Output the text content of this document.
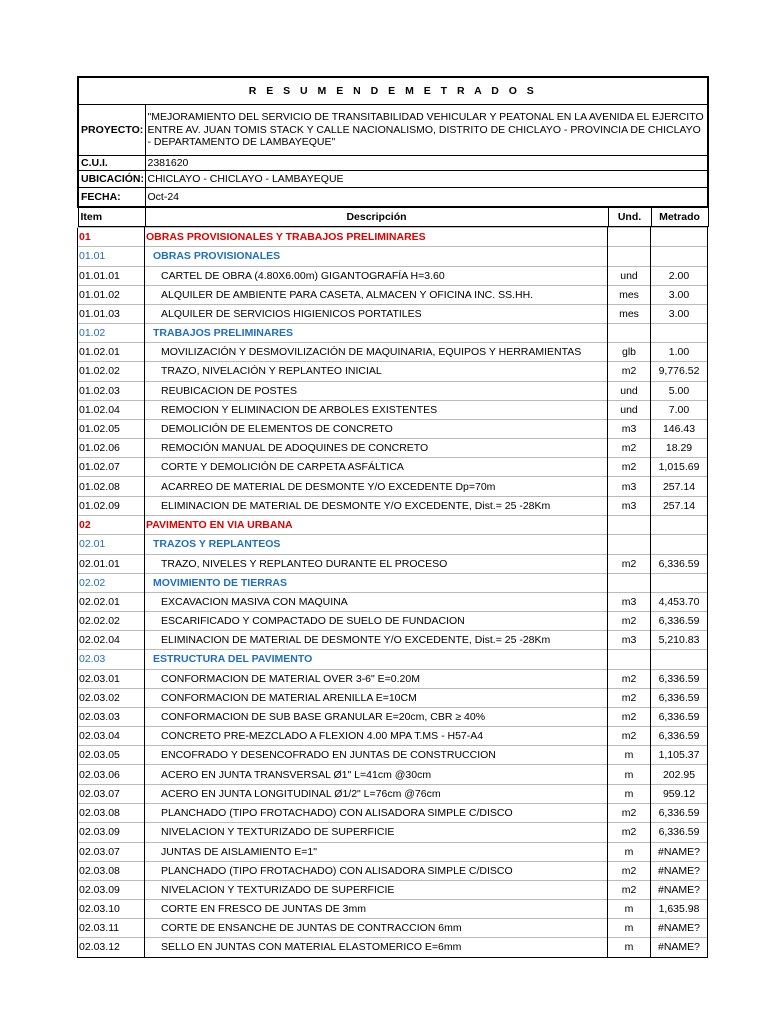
R E S U M E N D E M E T R A D O S			
PROYECTO:	"MEJORAMIENTO DEL SERVICIO DE TRANSITABILIDAD VEHICULAR Y PEATONAL EN LA AVENIDA EL EJERCITO ENTRE AV. JUAN TOMIS STACK Y CALLE NACIONALISMO, DISTRITO DE CHICLAYO - PROVINCIA DE CHICLAYO - DEPARTAMENTO DE LAMBAYEQUE"		
C.U.I.	2381620		
UBICACIÓN:	CHICLAYO - CHICLAYO - LAMBAYEQUE		
FECHA:	Oct-24		
Item	Descripción	Und.	Metrado
01	OBRAS PROVISIONALES Y TRABAJOS PRELIMINARES		
01.01	OBRAS PROVISIONALES		
01.01.01	CARTEL DE OBRA (4.80X6.00m) GIGANTOGRAFÍA H=3.60	und	2.00
01.01.02	ALQUILER DE AMBIENTE PARA CASETA, ALMACEN Y OFICINA INC. SS.HH.	mes	3.00
01.01.03	ALQUILER DE SERVICIOS HIGIENICOS PORTATILES	mes	3.00
01.02	TRABAJOS PRELIMINARES		
01.02.01	MOVILIZACIÓN Y DESMOVILIZACIÓN DE MAQUINARIA, EQUIPOS Y HERRAMIENTAS	glb	1.00
01.02.02	TRAZO, NIVELACIÓN Y REPLANTEO INICIAL	m2	9,776.52
01.02.03	REUBICACION DE POSTES	und	5.00
01.02.04	REMOCION Y ELIMINACION DE ARBOLES EXISTENTES	und	7.00
01.02.05	DEMOLICIÓN DE ELEMENTOS DE CONCRETO	m3	146.43
01.02.06	REMOCIÓN MANUAL DE ADOQUINES DE CONCRETO	m2	18.29
01.02.07	CORTE Y DEMOLICIÓN DE CARPETA ASFÁLTICA	m2	1,015.69
01.02.08	ACARREO DE MATERIAL DE DESMONTE Y/O EXCEDENTE Dp=70m	m3	257.14
01.02.09	ELIMINACION DE MATERIAL DE DESMONTE Y/O EXCEDENTE, Dist.= 25 -28Km	m3	257.14
02	PAVIMENTO EN VIA URBANA		
02.01	TRAZOS Y REPLANTEOS		
02.01.01	TRAZO, NIVELES Y REPLANTEO DURANTE EL PROCESO	m2	6,336.59
02.02	MOVIMIENTO DE TIERRAS		
02.02.01	EXCAVACION MASIVA CON MAQUINA	m3	4,453.70
02.02.02	ESCARIFICADO Y COMPACTADO DE SUELO DE FUNDACION	m2	6,336.59
02.02.04	ELIMINACION DE MATERIAL DE DESMONTE Y/O EXCEDENTE, Dist.= 25 -28Km	m3	5,210.83
02.03	ESTRUCTURA DEL PAVIMENTO		
02.03.01	CONFORMACION DE MATERIAL OVER 3-6" E=0.20M	m2	6,336.59
02.03.02	CONFORMACION DE MATERIAL ARENILLA E=10CM	m2	6,336.59
02.03.03	CONFORMACION DE SUB BASE GRANULAR E=20cm, CBR ≥ 40%	m2	6,336.59
02.03.04	CONCRETO PRE-MEZCLADO A FLEXION 4.00 MPA T.MS - H57-A4	m2	6,336.59
02.03.05	ENCOFRADO Y DESENCOFRADO EN JUNTAS DE CONSTRUCCION	m	1,105.37
02.03.06	ACERO EN JUNTA TRANSVERSAL Ø1" L=41cm @30cm	m	202.95
02.03.07	ACERO EN JUNTA LONGITUDINAL Ø1/2" L=76cm @76cm	m	959.12
02.03.08	PLANCHADO (TIPO FROTACHADO) CON ALISADORA SIMPLE C/DISCO	m2	6,336.59
02.03.09	NIVELACION Y TEXTURIZADO DE SUPERFICIE	m2	6,336.59
02.03.07	JUNTAS DE AISLAMIENTO E=1"	m	#NAME?
02.03.08	PLANCHADO (TIPO FROTACHADO) CON ALISADORA SIMPLE C/DISCO	m2	#NAME?
02.03.09	NIVELACION Y TEXTURIZADO DE SUPERFICIE	m2	#NAME?
02.03.10	CORTE EN FRESCO DE JUNTAS DE 3mm	m	1,635.98
02.03.11	CORTE DE ENSANCHE DE JUNTAS DE CONTRACCION 6mm	m	#NAME?
02.03.12	SELLO EN JUNTAS CON MATERIAL ELASTOMERICO E=6mm	m	#NAME?
